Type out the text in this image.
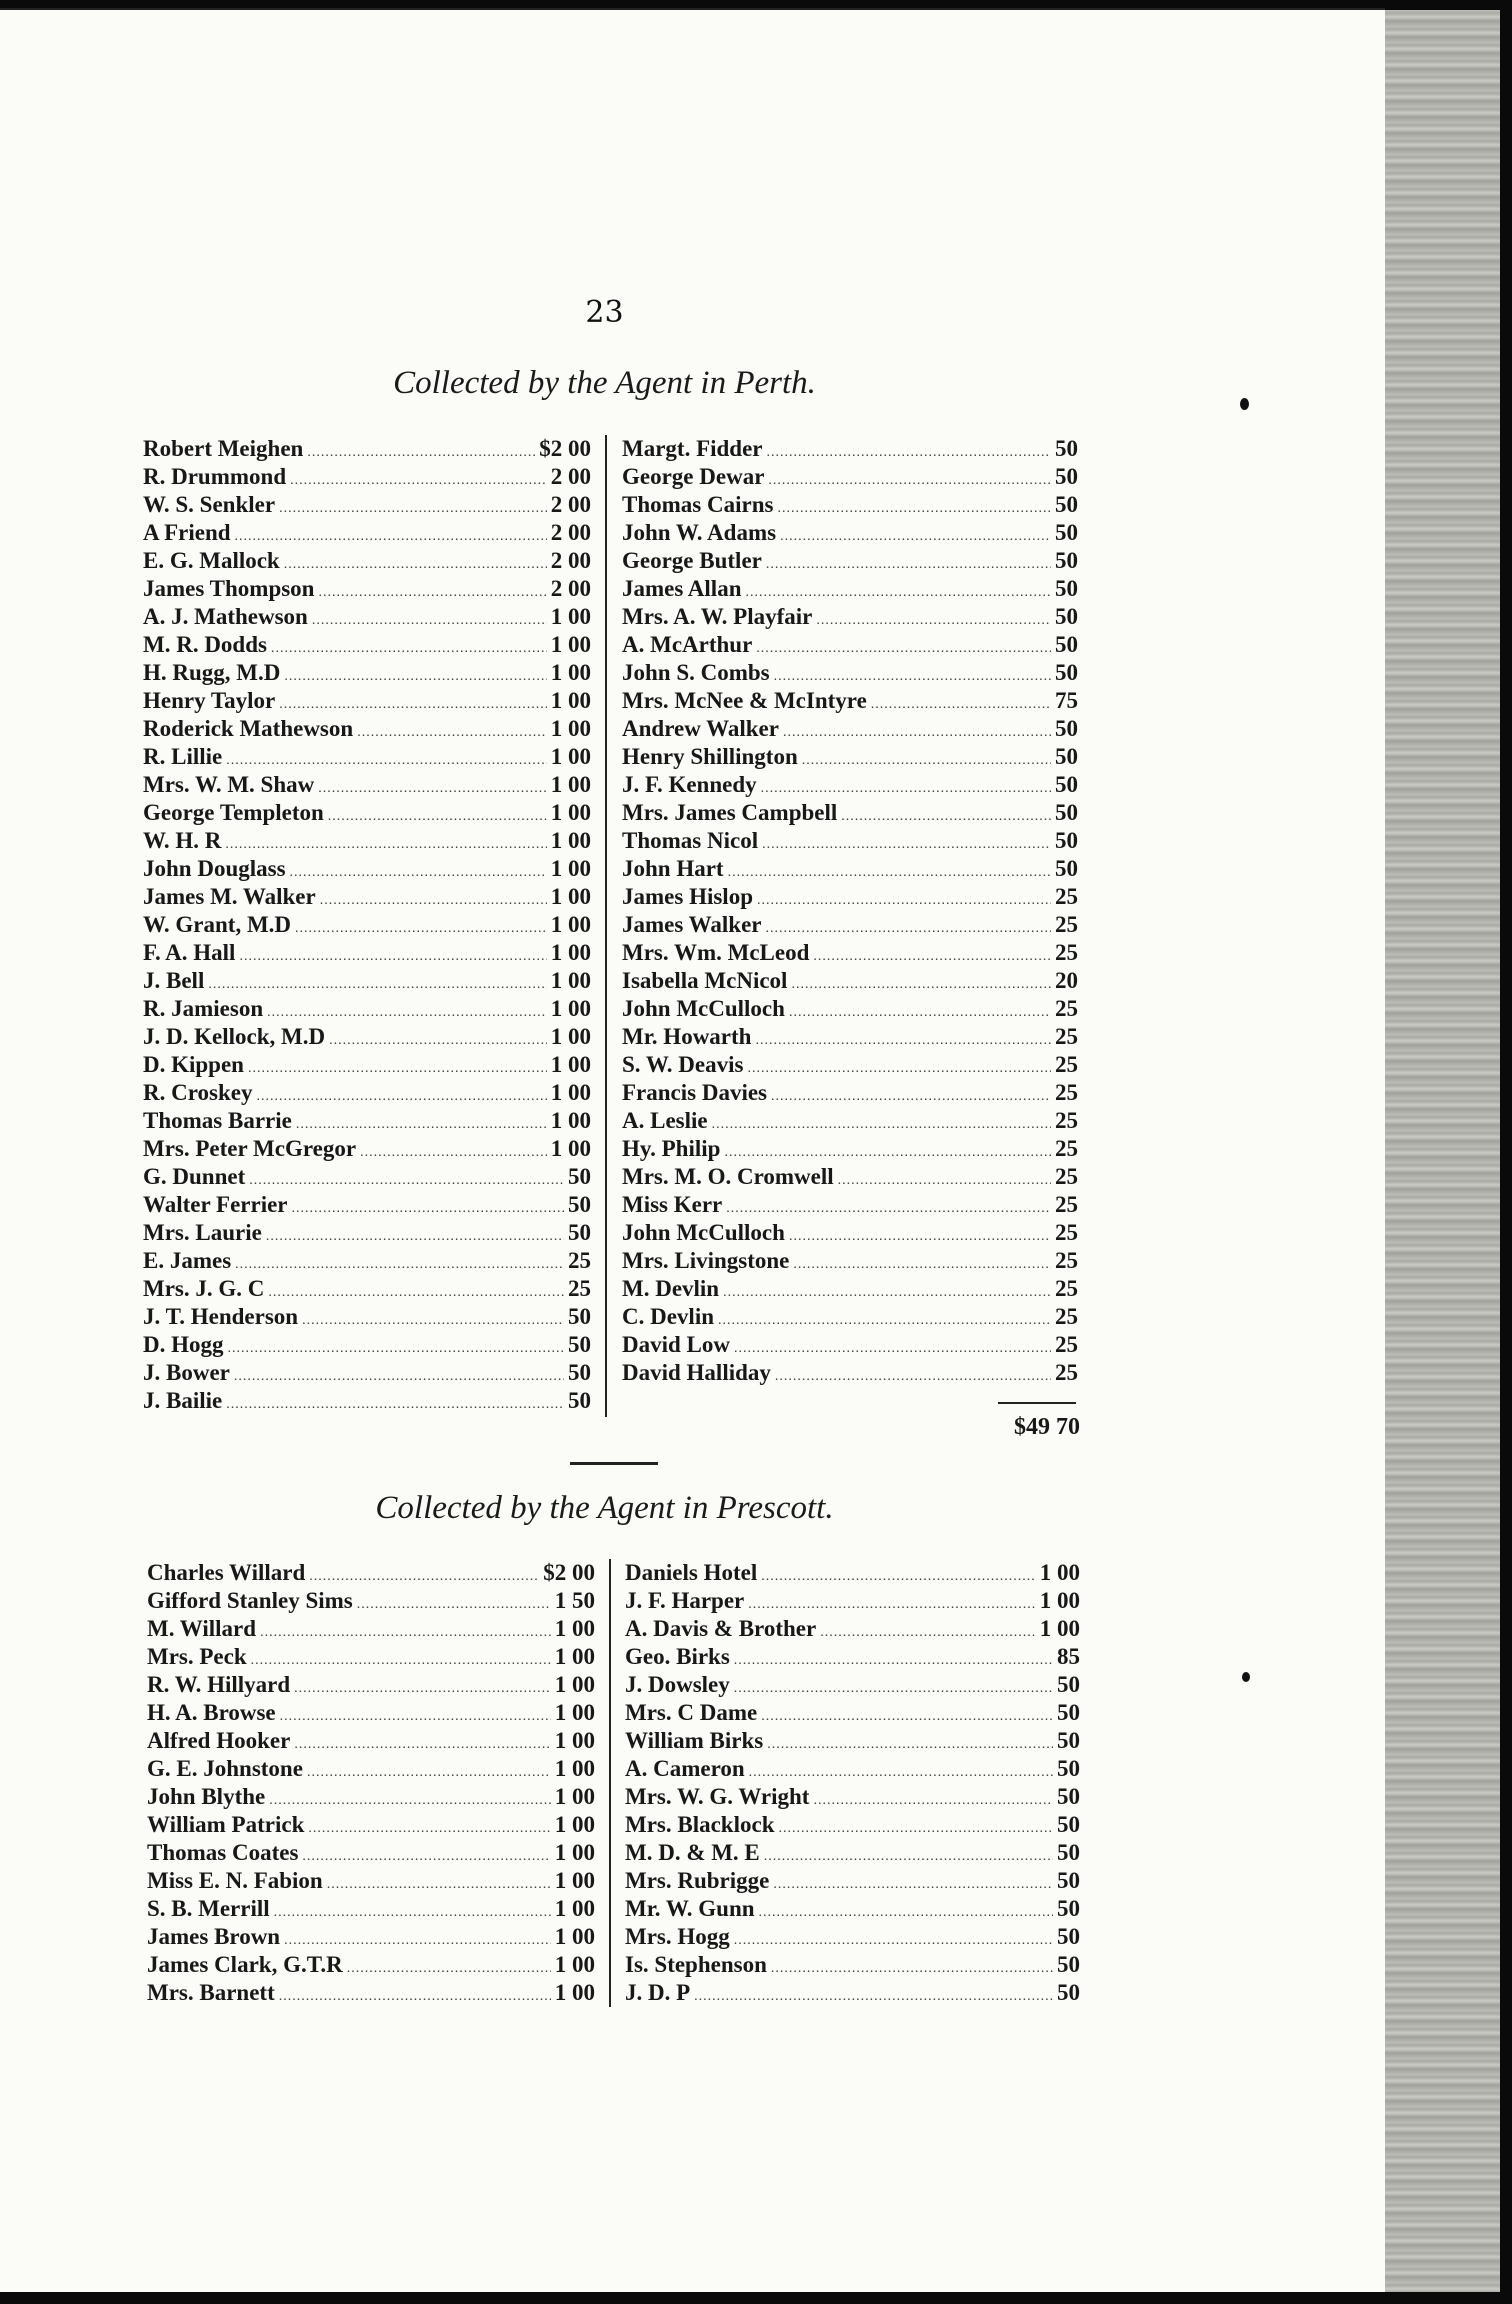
23
Collected by the Agent in Perth.
Robert Meighen .....	$2 00
R. Drummond .....	2 00
W. S. Senkler .....	2 00
A Friend .....	2 00
E. G. Mallock .....	2 00
James Thompson .....	2 00
A. J. Mathewson .....	1 00
M. R. Dodds .....	1 00
H. Rugg, M.D .....	1 00
Henry Taylor .....	1 00
Roderick Mathewson .....	1 00
R. Lillie .....	1 00
Mrs. W. M. Shaw .....	1 00
George Templeton .....	1 00
W. H. R .....	1 00
John Douglass .....	1 00
James M. Walker .....	1 00
W. Grant, M.D .....	1 00
F. A. Hall .....	1 00
J. Bell .....	1 00
R. Jamieson .....	1 00
J. D. Kellock, M.D .....	1 00
D. Kippen .....	1 00
R. Croskey .....	1 00
Thomas Barrie .....	1 00
Mrs. Peter McGregor .....	1 00
G. Dunnet .....	50
Walter Ferrier .....	50
Mrs. Laurie .....	50
E. James .....	25
Mrs. J. G. C .....	25
J. T. Henderson .....	50
D. Hogg .....	50
J. Bower .....	50
J. Bailie .....	50
Margt. Fidder .....	50
George Dewar .....	50
Thomas Cairns .....	50
John W. Adams .....	50
George Butler .....	50
James Allan .....	50
Mrs. A. W. Playfair .....	50
A. McArthur .....	50
John S. Combs .....	50
Mrs. McNee & McIntyre .....	75
Andrew Walker .....	50
Henry Shillington .....	50
J. F. Kennedy .....	50
Mrs. James Campbell .....	50
Thomas Nicol .....	50
John Hart .....	50
James Hislop .....	25
James Walker .....	25
Mrs. Wm. McLeod .....	25
Isabella McNicol .....	20
John McCulloch .....	25
Mr. Howarth .....	25
S. W. Deavis .....	25
Francis Davies .....	25
A. Leslie .....	25
Hy. Philip .....	25
Mrs. M. O. Cromwell .....	25
Miss Kerr .....	25
John McCulloch .....	25
Mrs. Livingstone .....	25
M. Devlin .....	25
C. Devlin .....	25
David Low .....	25
David Halliday .....	25
$49 70
Collected by the Agent in Prescott.
Charles Willard .....	$2 00
Gifford Stanley Sims .....	1 50
M. Willard .....	1 00
Mrs. Peck .....	1 00
R. W. Hillyard .....	1 00
H. A. Browse .....	1 00
Alfred Hooker .....	1 00
G. E. Johnstone .....	1 00
John Blythe .....	1 00
William Patrick .....	1 00
Thomas Coates .....	1 00
Miss E. N. Fabion .....	1 00
S. B. Merrill .....	1 00
James Brown .....	1 00
James Clark, G.T.R .....	1 00
Mrs. Barnett .....	1 00
Daniels Hotel .....	1 00
J. F. Harper .....	1 00
A. Davis & Brother .....	1 00
Geo. Birks .....	85
J. Dowsley .....	50
Mrs. C Dame .....	50
William Birks .....	50
A. Cameron .....	50
Mrs. W. G. Wright .....	50
Mrs. Blacklock .....	50
M. D. & M. E .....	50
Mrs. Rubrigge .....	50
Mr. W. Gunn .....	50
Mrs. Hogg .....	50
Is. Stephenson .....	50
J. D. P .....	50
